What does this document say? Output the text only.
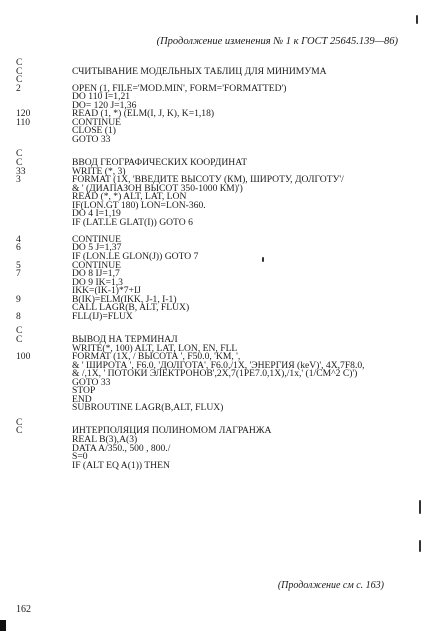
(Продолжение изменения № 1 к ГОСТ 25645.139—86)
C
C	СЧИТЫВАНИЕ МОДЕЛЬНЫХ ТАБЛИЦ ДЛЯ МИНИМУМА
C
2	OPEN (1, FILE='MOD.MIN', FORM='FORMATTED')
DO 110 I=1,21
DO= 120 J=1,36
120	READ (1, *) (ELM(I, J, K), K=1,18)
110	CONTINUE
CLOSE (1)
GOTO 33
C
C	ВВОД ГЕОГРАФИЧЕСКИХ КООРДИНАТ
33	WRITE (*, 3)
3	FORMAT (1X, 'ВВЕДИТЕ ВЫСОТУ (КМ), ШИРОТУ, ДОЛГОТУ'/
& ' (ДИАПАЗОН ВЫСОТ 350-1000 КМ)')
READ (*, *) ALT, LAT, LON
IF(LON.GT 180) LON=LON-360.
DO 4 I=1,19
IF (LAT.LE GLAT(I)) GOTO 6
4	CONTINUE
6	DO 5 J=1,37
IF (LON.LE GLON(J)) GOTO 7
5	CONTINUE
7	DO 8 IJ=1,7
DO 9 IK=1,3
IKK=(IK-1)*7+IJ
9	B(IK)=ELM(IKK, J-1, I-1)
CALL LAGR(B, ALT, FLUX)
8	FLL(IJ)=FLUX
C
C	ВЫВОД НА ТЕРМИНАЛ
WRITE(*, 100) ALT, LAT, LON, EN, FLL
100	FORMAT (1X, / ВЫСОТА ', F50.0, 'KM, ',
& ' ШИРОТА ', F6.0, 'ДОЛГОТА', F6.0,/1X, 'ЭНЕРГИЯ (keV)', 4X,7F8.0,
& /,1X, ' ПОТОКИ ЭЛЕКТРОНОВ',2X,7(1PE7.0,1X),/1x,' (1/CM^2 C)')
GOTO 33
STOP
END
SUBROUTINE LAGR(B,ALT, FLUX)
C
C	ИНТЕРПОЛЯЦИЯ ПОЛИНОМОМ ЛАГРАНЖА
REAL B(3),A(3)
DATA A/350., 500 , 800./
S=0
IF (ALT EQ A(1)) THEN
(Продолжение см с. 163)
162
